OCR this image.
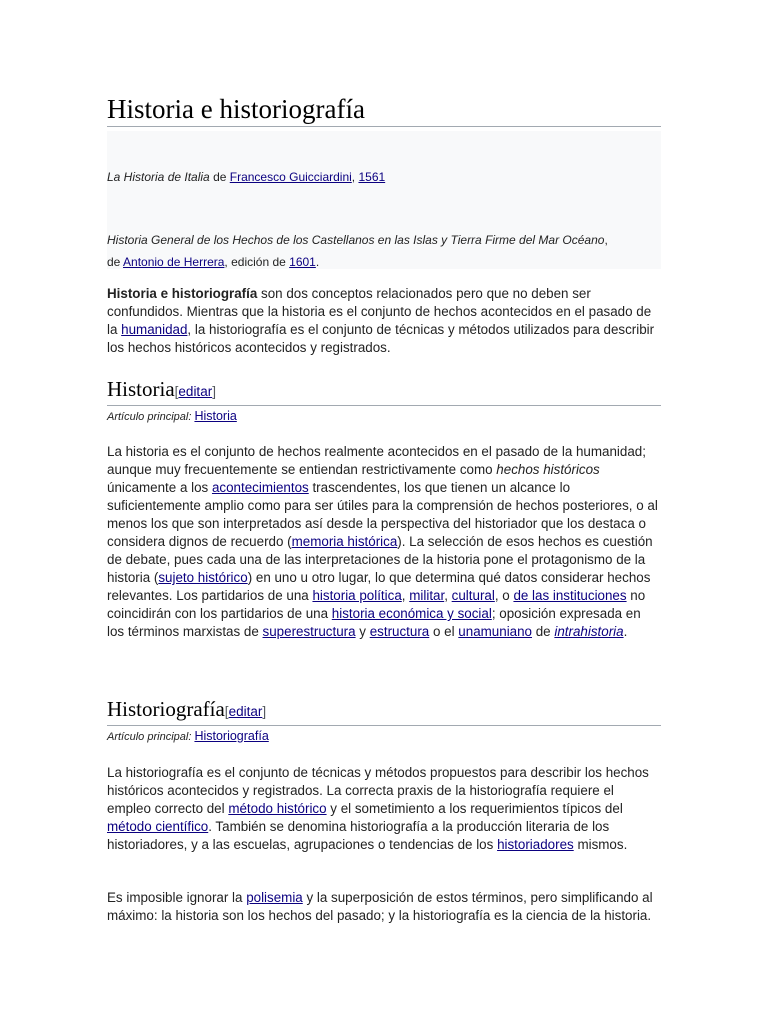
Historia e historiografía
La Historia de Italia de Francesco Guicciardini, 1561
Historia General de los Hechos de los Castellanos en las Islas y Tierra Firme del Mar Océano,
de Antonio de Herrera, edición de 1601.

Historia e historiografía son dos conceptos relacionados pero que no deben ser confundidos. Mientras que la historia es el conjunto de hechos acontecidos en el pasado de la humanidad, la historiografía es el conjunto de técnicas y métodos utilizados para describir los hechos históricos acontecidos y registrados.

Historia[editar]
Artículo principal: Historia

La historia es el conjunto de hechos realmente acontecidos en el pasado de la humanidad; aunque muy frecuentemente se entiendan restrictivamente como hechos históricos únicamente a los acontecimientos trascendentes, los que tienen un alcance lo suficientemente amplio como para ser útiles para la comprensión de hechos posteriores, o al menos los que son interpretados así desde la perspectiva del historiador que los destaca o considera dignos de recuerdo (memoria histórica). La selección de esos hechos es cuestión de debate, pues cada una de las interpretaciones de la historia pone el protagonismo de la historia (sujeto histórico) en uno u otro lugar, lo que determina qué datos considerar hechos relevantes. Los partidarios de una historia política, militar, cultural, o de las instituciones no coincidirán con los partidarios de una historia económica y social; oposición expresada en los términos marxistas de superestructura y estructura o el unamuniano de intrahistoria.

Historiografía[editar]
Artículo principal: Historiografía

La historiografía es el conjunto de técnicas y métodos propuestos para describir los hechos históricos acontecidos y registrados. La correcta praxis de la historiografía requiere el empleo correcto del método histórico y el sometimiento a los requerimientos típicos del método científico. También se denomina historiografía a la producción literaria de los historiadores, y a las escuelas, agrupaciones o tendencias de los historiadores mismos.

Es imposible ignorar la polisemia y la superposición de estos términos, pero simplificando al máximo: la historia son los hechos del pasado; y la historiografía es la ciencia de la historia.
